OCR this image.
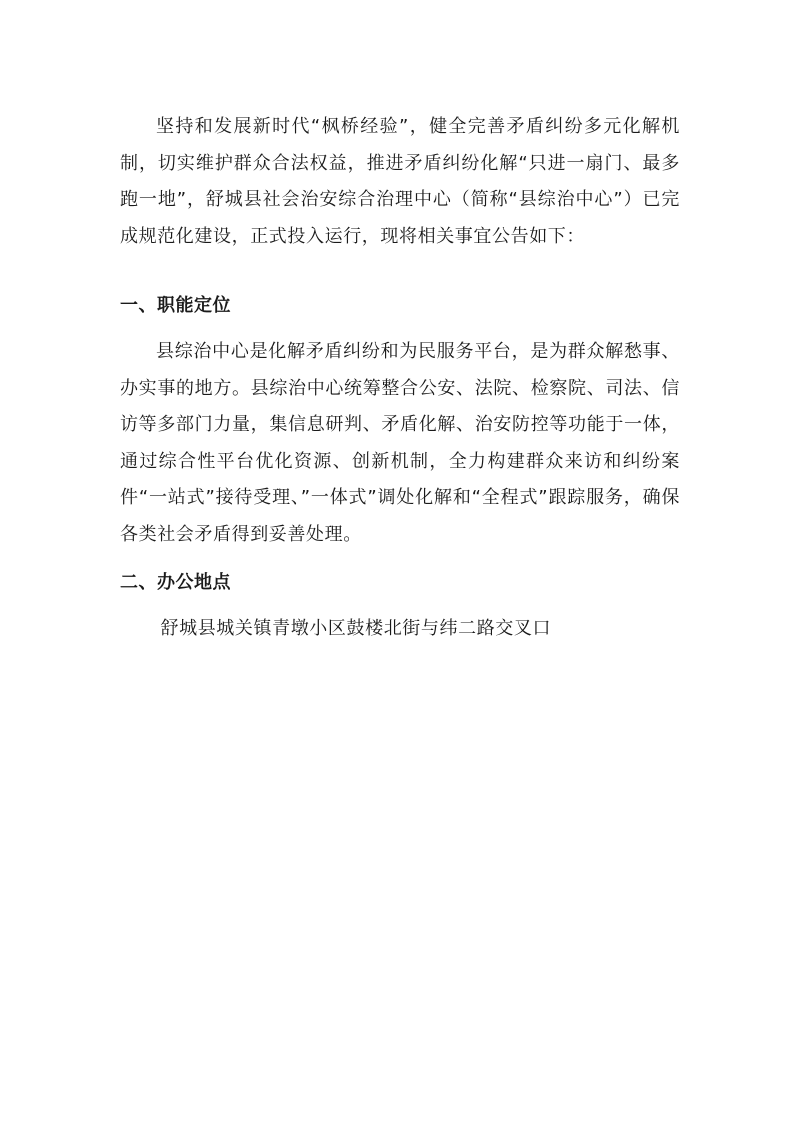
坚持和发展新时代“枫桥经验”，健全完善矛盾纠纷多元化解机制，切实维护群众合法权益，推进矛盾纠纷化解“只进一扇门、最多跑一地”，舒城县社会治安综合治理中心（简称“县综治中心”）已完成规范化建设，正式投入运行，现将相关事宜公告如下：

一、职能定位

县综治中心是化解矛盾纠纷和为民服务平台，是为群众解愁事、办实事的地方。县综治中心统筹整合公安、法院、检察院、司法、信访等多部门力量，集信息研判、矛盾化解、治安防控等功能于一体，通过综合性平台优化资源、创新机制，全力构建群众来访和纠纷案件“一站式”接待受理、”一体式”调处化解和“全程式”跟踪服务，确保各类社会矛盾得到妥善处理。

二、办公地点

舒城县城关镇青墩小区鼓楼北街与纬二路交叉口
